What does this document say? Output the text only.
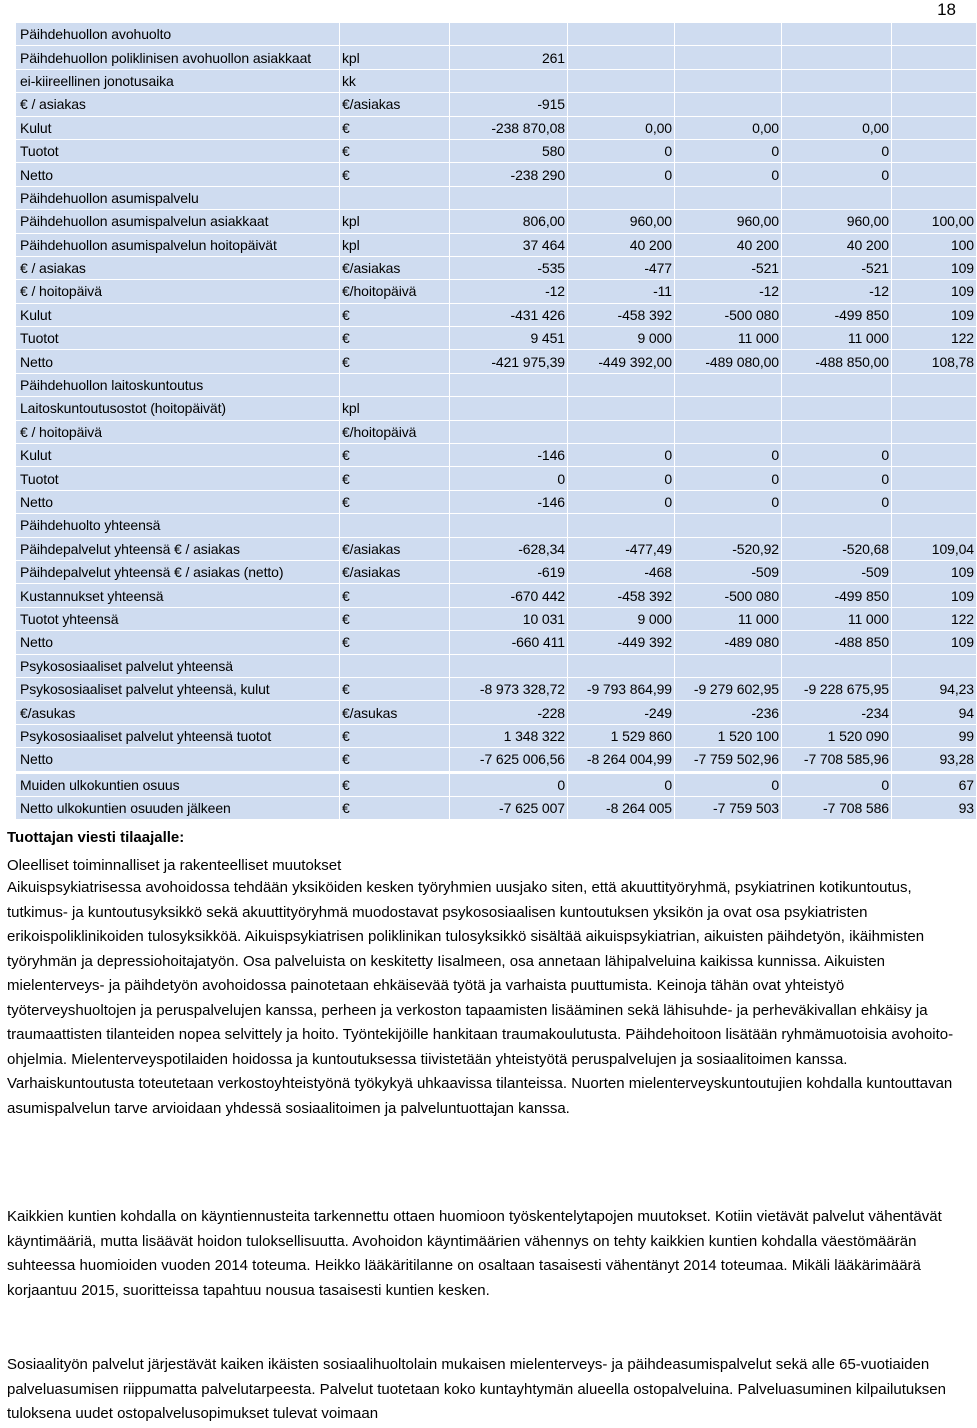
18
Päihdehuollon avohuolto						
Päihdehuollon poliklinisen avohuollon asiakkaat	kpl	261				
ei-kiireellinen jonotusaika	kk					
€ / asiakas	€/asiakas	-915				
Kulut	€	-238 870,08	0,00	0,00	0,00	
Tuotot	€	580	0	0	0	
Netto	€	-238 290	0	0	0	
Päihdehuollon asumispalvelu						
Päihdehuollon asumispalvelun asiakkaat	kpl	806,00	960,00	960,00	960,00	100,00
Päihdehuollon asumispalvelun hoitopäivät	kpl	37 464	40 200	40 200	40 200	100
€ / asiakas	€/asiakas	-535	-477	-521	-521	109
€ / hoitopäivä	€/hoitopäivä	-12	-11	-12	-12	109
Kulut	€	-431 426	-458 392	-500 080	-499 850	109
Tuotot	€	9 451	9 000	11 000	11 000	122
Netto	€	-421 975,39	-449 392,00	-489 080,00	-488 850,00	108,78
Päihdehuollon laitoskuntoutus						
Laitoskuntoutusostot (hoitopäivät)	kpl					
€ / hoitopäivä	€/hoitopäivä					
Kulut	€	-146	0	0	0	
Tuotot	€	0	0	0	0	
Netto	€	-146	0	0	0	
Päihdehuolto yhteensä						
Päihdepalvelut yhteensä € / asiakas	€/asiakas	-628,34	-477,49	-520,92	-520,68	109,04
Päihdepalvelut yhteensä € / asiakas (netto)	€/asiakas	-619	-468	-509	-509	109
Kustannukset yhteensä	€	-670 442	-458 392	-500 080	-499 850	109
Tuotot yhteensä	€	10 031	9 000	11 000	11 000	122
Netto	€	-660 411	-449 392	-489 080	-488 850	109
Psykososiaaliset palvelut yhteensä						
Psykososiaaliset palvelut yhteensä, kulut	€	-8 973 328,72	-9 793 864,99	-9 279 602,95	-9 228 675,95	94,23
€/asukas	€/asukas	-228	-249	-236	-234	94
Psykososiaaliset palvelut yhteensä tuotot	€	1 348 322	1 529 860	1 520 100	1 520 090	99
Netto	€	-7 625 006,56	-8 264 004,99	-7 759 502,96	-7 708 585,96	93,28
Muiden ulkokuntien osuus	€	0	0	0	0	67
Netto ulkokuntien osuuden jälkeen	€	-7 625 007	-8 264 005	-7 759 503	-7 708 586	93
Tuottajan viesti tilaajalle:
Oleelliset toiminnalliset ja rakenteelliset muutokset

Aikuispsykiatrisessa avohoidossa tehdään yksiköiden kesken työryhmien uusjako siten, että akuuttityöryhmä, psykiatrinen kotikuntoutus, tutkimus- ja kuntoutusyksikkö sekä akuuttityöryhmä muodostavat psykososiaalisen kuntoutuksen yksikön ja ovat osa psykiatristen erikoispoliklinikoiden tulosyksikköä. Aikuispsykiatrisen poliklinikan tulosyksikkö sisältää aikuispsykiatrian, aikuisten päihdetyön, ikäihmisten työryhmän ja depressiohoitajatyön. Osa palveluista on keskitetty Iisalmeen, osa annetaan lähipalveluina kaikissa kunnissa. Aikuisten mielenterveys- ja päihdetyön avohoidossa painotetaan ehkäisevää työtä ja varhaista puuttumista. Keinoja tähän ovat yhteistyö työterveyshuoltojen ja peruspalvelujen kanssa, perheen ja verkoston tapaamisten lisääminen sekä lähisuhde- ja perheväkivallan ehkäisy ja traumaattisten tilanteiden nopea selvittely ja hoito. Työntekijöille hankitaan traumakoulutusta. Päihdehoitoon lisätään ryhmämuotoisia avohoito-ohjelmia. Mielenterveyspotilaiden hoidossa ja kuntoutuksessa tiivistetään yhteistyötä peruspalvelujen ja sosiaalitoimen kanssa. Varhaiskuntoutusta toteutetaan verkostoyhteistyönä työkykyä uhkaavissa tilanteissa. Nuorten mielenterveyskuntoutujien kohdalla kuntouttavan asumispalvelun tarve arvioidaan yhdessä sosiaalitoimen ja palveluntuottajan kanssa.

Kaikkien kuntien kohdalla on käyntiennusteita tarkennettu ottaen huomioon työskentelytapojen muutokset. Kotiin vietävät palvelut vähentävät käyntimääriä, mutta lisäävät hoidon tuloksellisuutta. Avohoidon käyntimäärien vähennys on tehty kaikkien kuntien kohdalla väestömäärän suhteessa huomioiden vuoden 2014 toteuma. Heikko lääkäritilanne on osaltaan tasaisesti vähentänyt 2014 toteumaa. Mikäli lääkärimäärä korjaantuu 2015, suoritteissa tapahtuu nousua tasaisesti kuntien kesken.

Sosiaalityön palvelut järjestävät kaiken ikäisten sosiaalihuoltolain mukaisen mielenterveys- ja päihdeasumispalvelut sekä alle 65-vuotiaiden palveluasumisen riippumatta palvelutarpeesta. Palvelut tuotetaan koko kuntayhtymän alueella ostopalveluina. Palveluasuminen kilpailutuksen tuloksena uudet ostopalvelusopimukset tulevat voimaan
